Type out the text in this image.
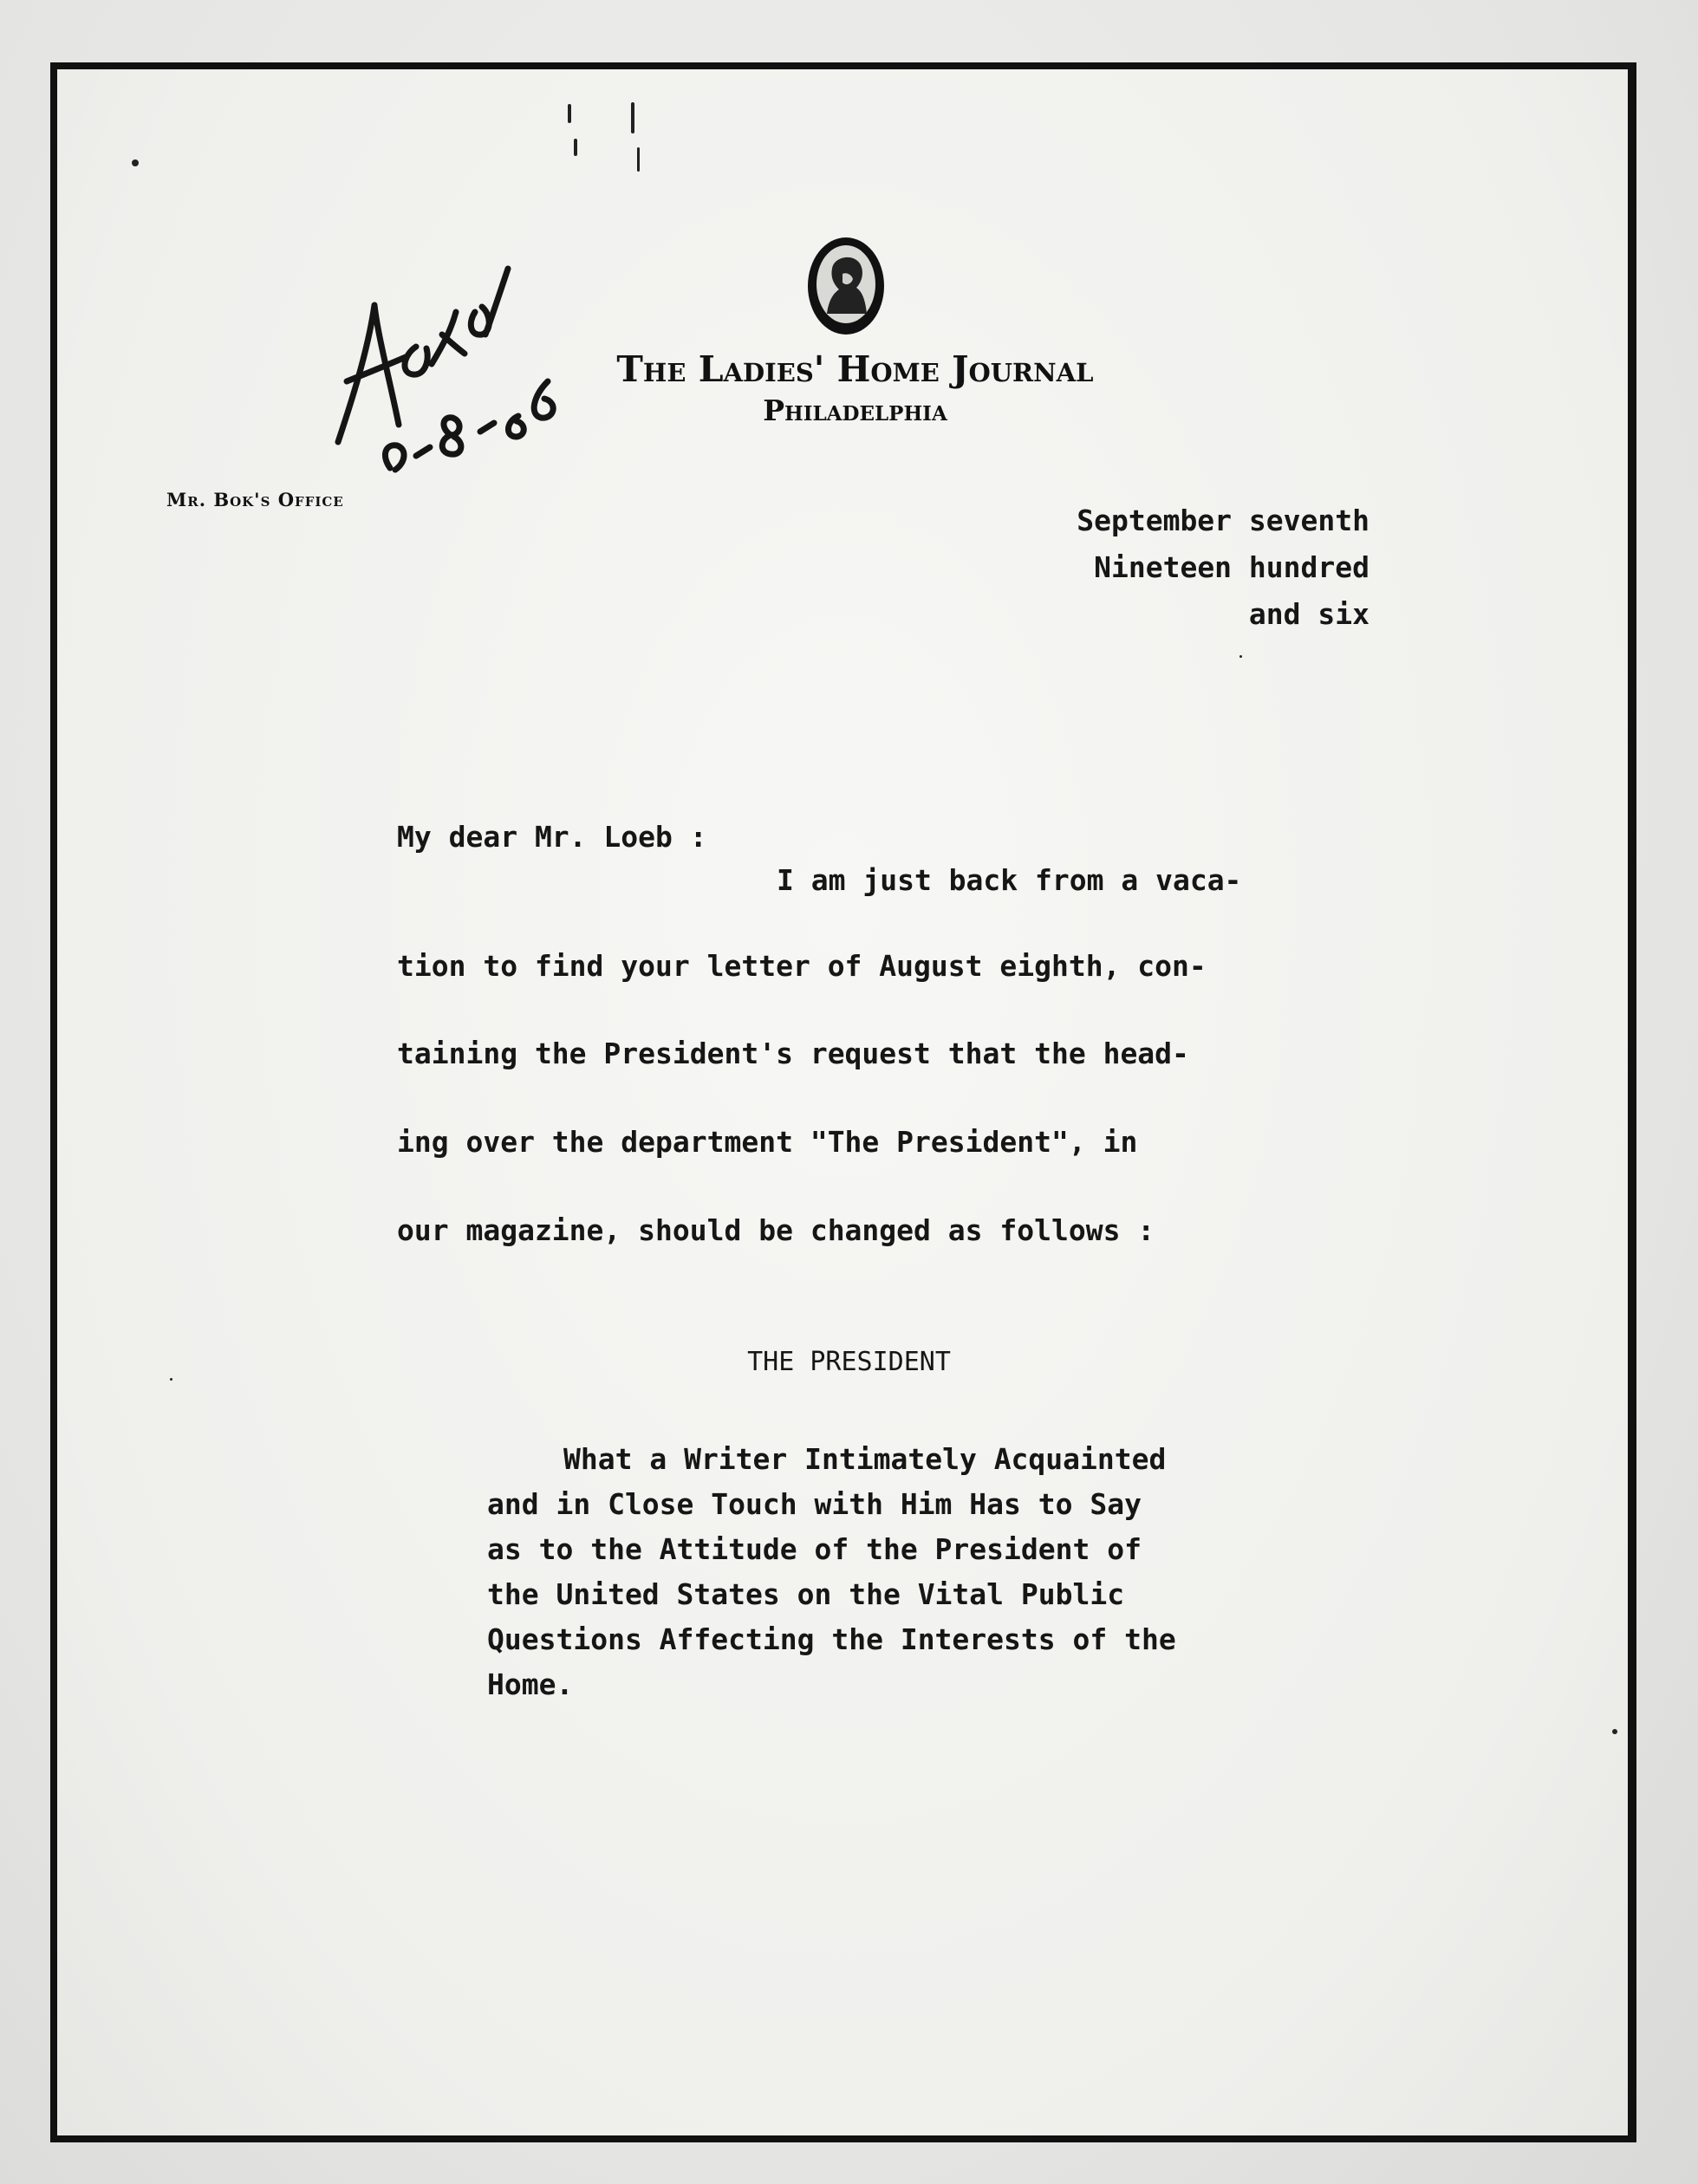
The Ladies' Home Journal
Philadelphia
Mr. Bok's Office
September seventh
Nineteen hundred
and six
My dear Mr. Loeb :
I am just back from a vaca-
tion to find your letter of August eighth, con-
taining the President's request that the head-
ing over the department "The President", in
our magazine, should be changed as follows :
THE PRESIDENT
What a Writer Intimately Acquainted
and in Close Touch with Him Has to Say
as to the Attitude of the President of
the United States on the Vital Public
Questions Affecting the Interests of the
Home.
